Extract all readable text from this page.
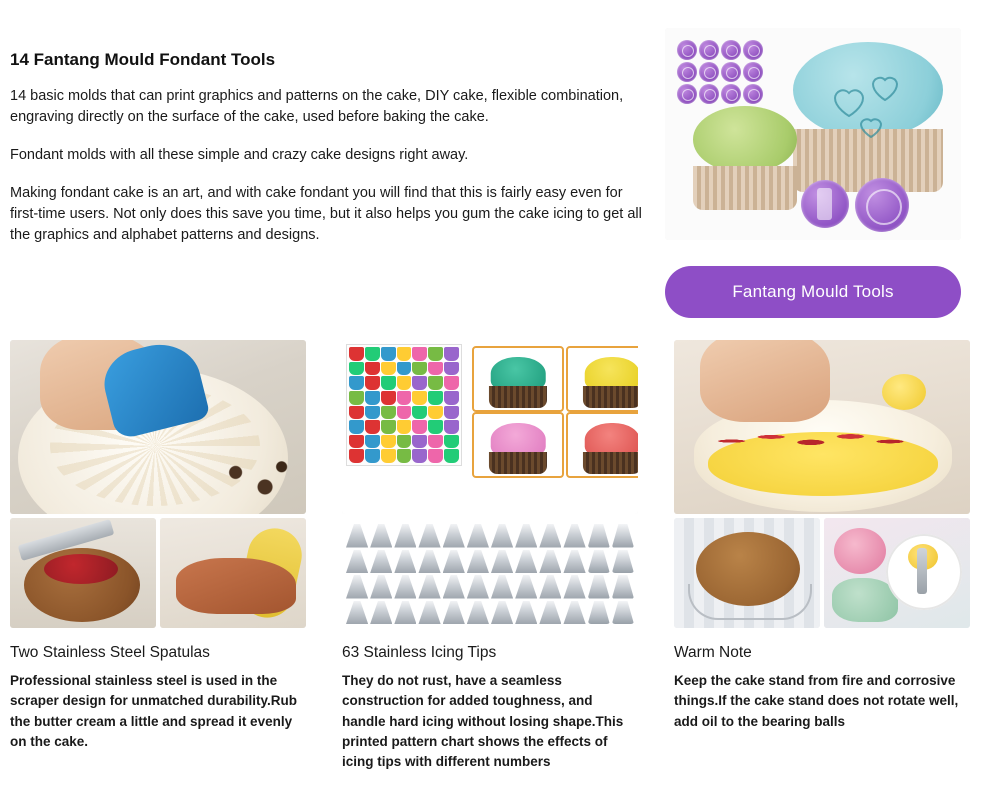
14 Fantang Mould Fondant Tools

14 basic molds that can print graphics and patterns on the cake, DIY cake, flexible combination, engraving directly on the surface of the cake, used before baking the cake.

Fondant molds with all these simple and crazy cake designs right away.

Making fondant cake is an art, and with cake fondant you will find that this is fairly easy even for first-time users. Not only does this save you time, but it also helps you gum the cake icing to get all the graphics and alphabet patterns and designs.

Fantang Mould Tools
Two Stainless Steel Spatulas

Professional stainless steel is used in the scraper design for unmatched durability.Rub the butter cream a little and spread it evenly on the cake.

63 Stainless Icing Tips

They do not rust, have a seamless construction for added toughness, and handle hard icing without losing shape.This printed pattern chart shows the effects of icing tips with different numbers

Warm Note

Keep the cake stand from fire and corrosive things.If the cake stand does not rotate well, add oil to the bearing balls
